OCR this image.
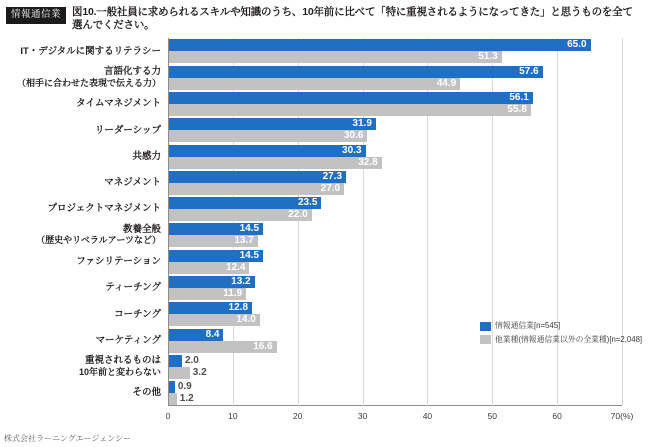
情報通信業	図10.一般社員に求められるスキルや知識のうち、10年前に比べて「特に重視されるようになってきた」と思うものを全て選んでください。
IT・デジタルに関するリテラシー
65.0
51.3
言語化する力
（相手に合わせた表現で伝える力）
57.6
44.9
タイムマネジメント
56.1
55.8
リーダーシップ
31.9
30.6
共感力
30.3
32.8
マネジメント
27.3
27.0
プロジェクトマネジメント
23.5
22.0
教養全般
（歴史やリベラルアーツなど）
14.5
13.7
ファシリテーション
14.5
12.4
ティーチング
13.2
11.9
コーチング
12.8
14.0
マーケティング
8.4
16.6
重視されるものは
10年前と変わらない
2.0
3.2
その他
0.9
1.2
0	10	20	30	40	50	60	70(%)
情報通信業[n=545]
他業種(情報通信業以外の全業種)[n=2,048]
株式会社ラーニングエージェンシー
